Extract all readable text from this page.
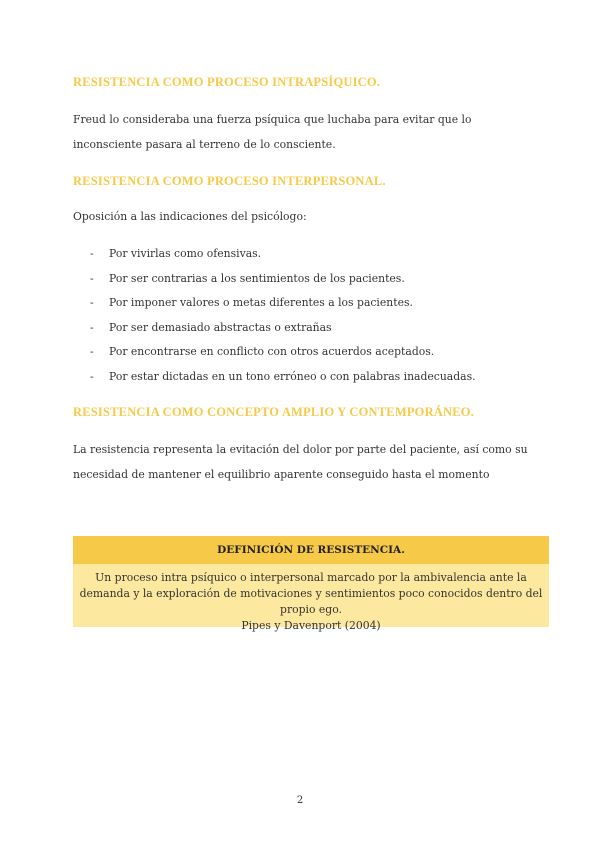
RESISTENCIA COMO PROCESO INTRAPSÍQUICO.
Freud lo consideraba una fuerza psíquica que luchaba para evitar que lo inconsciente pasara al terreno de lo consciente.
RESISTENCIA COMO PROCESO INTERPERSONAL.
Oposición a las indicaciones del psicólogo:
- Por vivirlas como ofensivas.
- Por ser contrarias a los sentimientos de los pacientes.
- Por imponer valores o metas diferentes a los pacientes.
- Por ser demasiado abstractas o extrañas
- Por encontrarse en conflicto con otros acuerdos aceptados.
- Por estar dictadas en un tono erróneo o con palabras inadecuadas.
RESISTENCIA COMO CONCEPTO AMPLIO Y CONTEMPORÁNEO.
La resistencia representa la evitación del dolor por parte del paciente, así como su necesidad de mantener el equilibrio aparente conseguido hasta el momento
DEFINICIÓN DE RESISTENCIA.
Un proceso intra psíquico o interpersonal marcado por la ambivalencia ante la demanda y la exploración de motivaciones y sentimientos poco conocidos dentro del propio ego.
Pipes y Davenport (2004)
2
